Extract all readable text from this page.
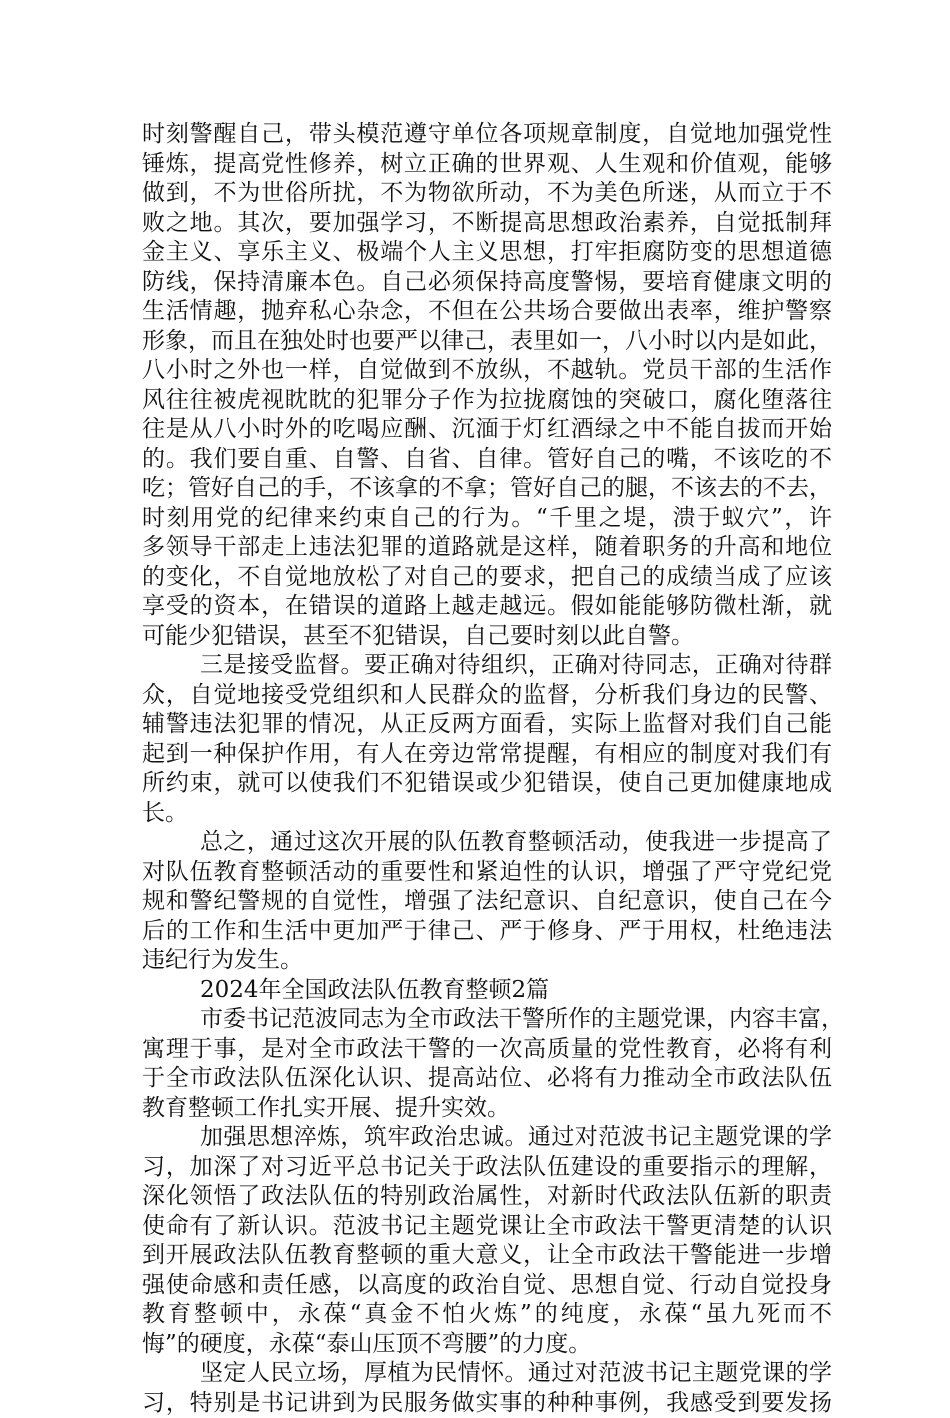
时刻警醒自己，带头模范遵守单位各项规章制度，自觉地加强党性
锤炼，提高党性修养，树立正确的世界观、人生观和价值观，能够
做到，不为世俗所扰，不为物欲所动，不为美色所迷，从而立于不
败之地。其次，要加强学习，不断提高思想政治素养，自觉抵制拜
金主义、享乐主义、极端个人主义思想，打牢拒腐防变的思想道德
防线，保持清廉本色。自己必须保持高度警惕，要培育健康文明的
生活情趣，抛弃私心杂念，不但在公共场合要做出表率，维护警察
形象，而且在独处时也要严以律己，表里如一，八小时以内是如此，
八小时之外也一样，自觉做到不放纵，不越轨。党员干部的生活作
风往往被虎视眈眈的犯罪分子作为拉拢腐蚀的突破口，腐化堕落往
往是从八小时外的吃喝应酬、沉湎于灯红酒绿之中不能自拔而开始
的。我们要自重、自警、自省、自律。管好自己的嘴，不该吃的不
吃；管好自己的手，不该拿的不拿；管好自己的腿，不该去的不去，
时刻用党的纪律来约束自己的行为。“千里之堤，溃于蚁穴”，许
多领导干部走上违法犯罪的道路就是这样，随着职务的升高和地位
的变化，不自觉地放松了对自己的要求，把自己的成绩当成了应该
享受的资本，在错误的道路上越走越远。假如能能够防微杜渐，就
可能少犯错误，甚至不犯错误，自己要时刻以此自警。
三是接受监督。要正确对待组织，正确对待同志，正确对待群
众，自觉地接受党组织和人民群众的监督，分析我们身边的民警、
辅警违法犯罪的情况，从正反两方面看，实际上监督对我们自己能
起到一种保护作用，有人在旁边常常提醒，有相应的制度对我们有
所约束，就可以使我们不犯错误或少犯错误，使自己更加健康地成
长。
总之，通过这次开展的队伍教育整顿活动，使我进一步提高了
对队伍教育整顿活动的重要性和紧迫性的认识，增强了严守党纪党
规和警纪警规的自觉性，增强了法纪意识、自纪意识，使自己在今
后的工作和生活中更加严于律己、严于修身、严于用权，杜绝违法
违纪行为发生。
2024年全国政法队伍教育整顿2篇
市委书记范波同志为全市政法干警所作的主题党课，内容丰富，
寓理于事，是对全市政法干警的一次高质量的党性教育，必将有利
于全市政法队伍深化认识、提高站位、必将有力推动全市政法队伍
教育整顿工作扎实开展、提升实效。
加强思想淬炼，筑牢政治忠诚。通过对范波书记主题党课的学
习，加深了对习近平总书记关于政法队伍建设的重要指示的理解，
深化领悟了政法队伍的特别政治属性，对新时代政法队伍新的职责
使命有了新认识。范波书记主题党课让全市政法干警更清楚的认识
到开展政法队伍教育整顿的重大意义，让全市政法干警能进一步增
强使命感和责任感，以高度的政治自觉、思想自觉、行动自觉投身
教育整顿中，永葆“真金不怕火炼”的纯度，永葆“虽九死而不
悔”的硬度，永葆“泰山压顶不弯腰”的力度。
坚定人民立场，厚植为民情怀。通过对范波书记主题党课的学
习，特别是书记讲到为民服务做实事的种种事例，我感受到要发扬
